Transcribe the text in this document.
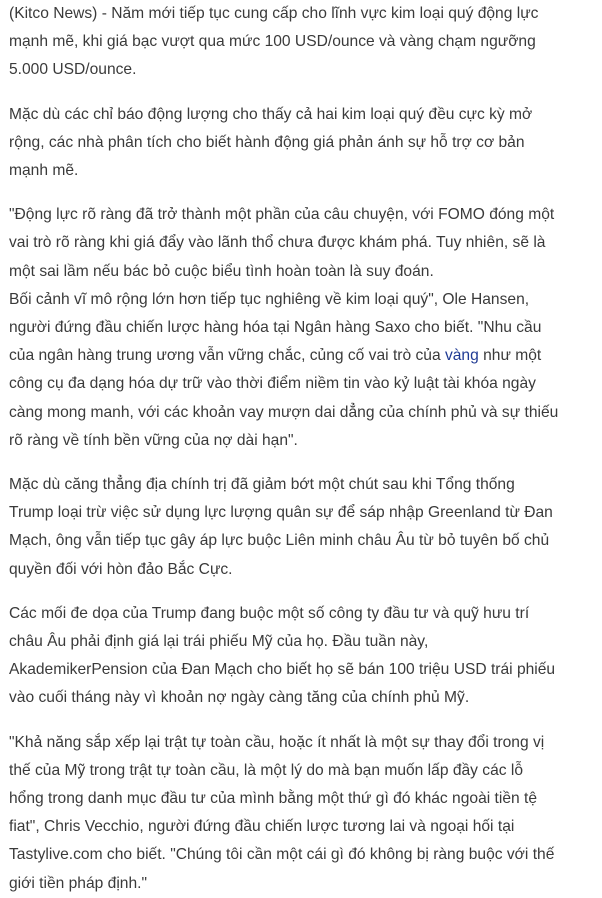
(Kitco News) - Năm mới tiếp tục cung cấp cho lĩnh vực kim loại quý động lực
mạnh mẽ, khi giá bạc vượt qua mức 100 USD/ounce và vàng chạm ngưỡng
5.000 USD/ounce.

Mặc dù các chỉ báo động lượng cho thấy cả hai kim loại quý đều cực kỳ mở
rộng, các nhà phân tích cho biết hành động giá phản ánh sự hỗ trợ cơ bản
mạnh mẽ.

"Động lực rõ ràng đã trở thành một phần của câu chuyện, với FOMO đóng một
vai trò rõ ràng khi giá đẩy vào lãnh thổ chưa được khám phá. Tuy nhiên, sẽ là
một sai lầm nếu bác bỏ cuộc biểu tình hoàn toàn là suy đoán.
Bối cảnh vĩ mô rộng lớn hơn tiếp tục nghiêng về kim loại quý", Ole Hansen,
người đứng đầu chiến lược hàng hóa tại Ngân hàng Saxo cho biết. "Nhu cầu
của ngân hàng trung ương vẫn vững chắc, củng cố vai trò của vàng như một
công cụ đa dạng hóa dự trữ vào thời điểm niềm tin vào kỷ luật tài khóa ngày
càng mong manh, với các khoản vay mượn dai dẳng của chính phủ và sự thiếu
rõ ràng về tính bền vững của nợ dài hạn".

Mặc dù căng thẳng địa chính trị đã giảm bớt một chút sau khi Tổng thống
Trump loại trừ việc sử dụng lực lượng quân sự để sáp nhập Greenland từ Đan
Mạch, ông vẫn tiếp tục gây áp lực buộc Liên minh châu Âu từ bỏ tuyên bố chủ
quyền đối với hòn đảo Bắc Cực.

Các mối đe dọa của Trump đang buộc một số công ty đầu tư và quỹ hưu trí
châu Âu phải định giá lại trái phiếu Mỹ của họ. Đầu tuần này,
AkademikerPension của Đan Mạch cho biết họ sẽ bán 100 triệu USD trái phiếu
vào cuối tháng này vì khoản nợ ngày càng tăng của chính phủ Mỹ.

"Khả năng sắp xếp lại trật tự toàn cầu, hoặc ít nhất là một sự thay đổi trong vị
thế của Mỹ trong trật tự toàn cầu, là một lý do mà bạn muốn lấp đầy các lỗ
hổng trong danh mục đầu tư của mình bằng một thứ gì đó khác ngoài tiền tệ
fiat", Chris Vecchio, người đứng đầu chiến lược tương lai và ngoại hối tại
Tastylive.com cho biết. "Chúng tôi cần một cái gì đó không bị ràng buộc với thế
giới tiền pháp định."
